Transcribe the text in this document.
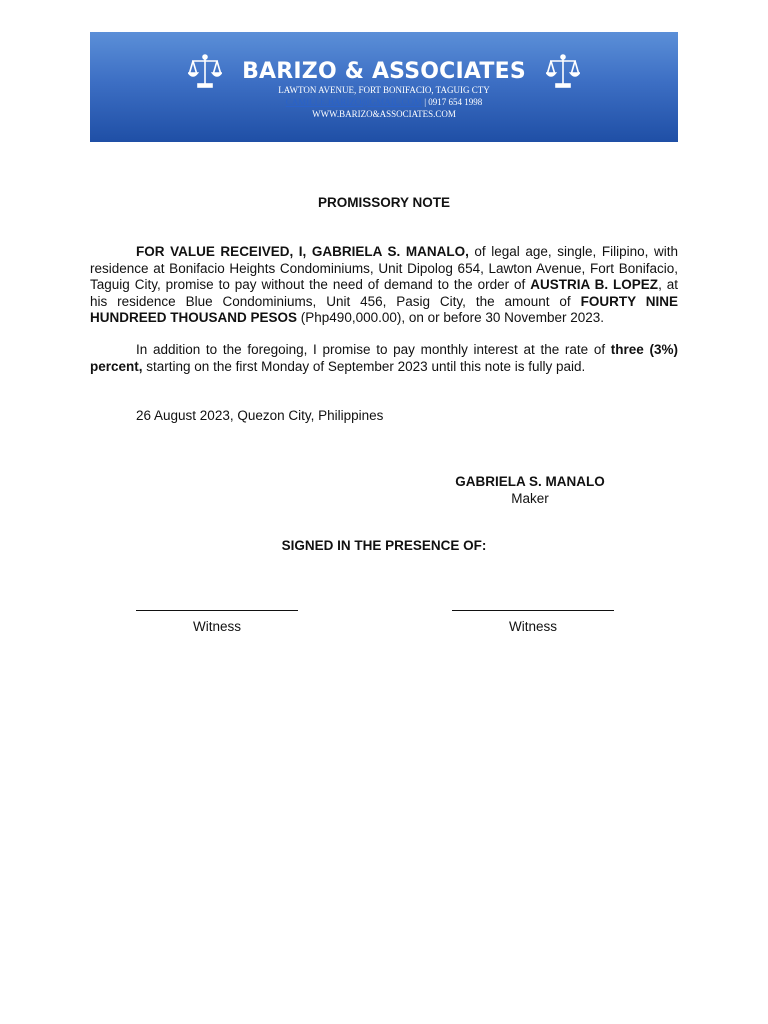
BARIZO & ASSOCIATES
LAWTON AVENUE, FORT BONIFACIO, TAGUIG CTY
CAMILLE.BARIZO@GMAIL.COM | 0917 654 1998
WWW.BARIZO&ASSOCIATES.COM
PROMISSORY NOTE

FOR VALUE RECEIVED, I, GABRIELA S. MANALO, of legal age, single, Filipino, with residence at Bonifacio Heights Condominiums, Unit Dipolog 654, Lawton Avenue, Fort Bonifacio, Taguig City, promise to pay without the need of demand to the order of AUSTRIA B. LOPEZ, at his residence Blue Condominiums, Unit 456, Pasig City, the amount of FOURTY NINE HUNDREED THOUSAND PESOS (Php490,000.00), on or before 30 November 2023.

In addition to the foregoing, I promise to pay monthly interest at the rate of three (3%) percent, starting on the first Monday of September 2023 until this note is fully paid.

26 August 2023, Quezon City, Philippines
GABRIELA S. MANALO
Maker
SIGNED IN THE PRESENCE OF:
Witness	Witness
